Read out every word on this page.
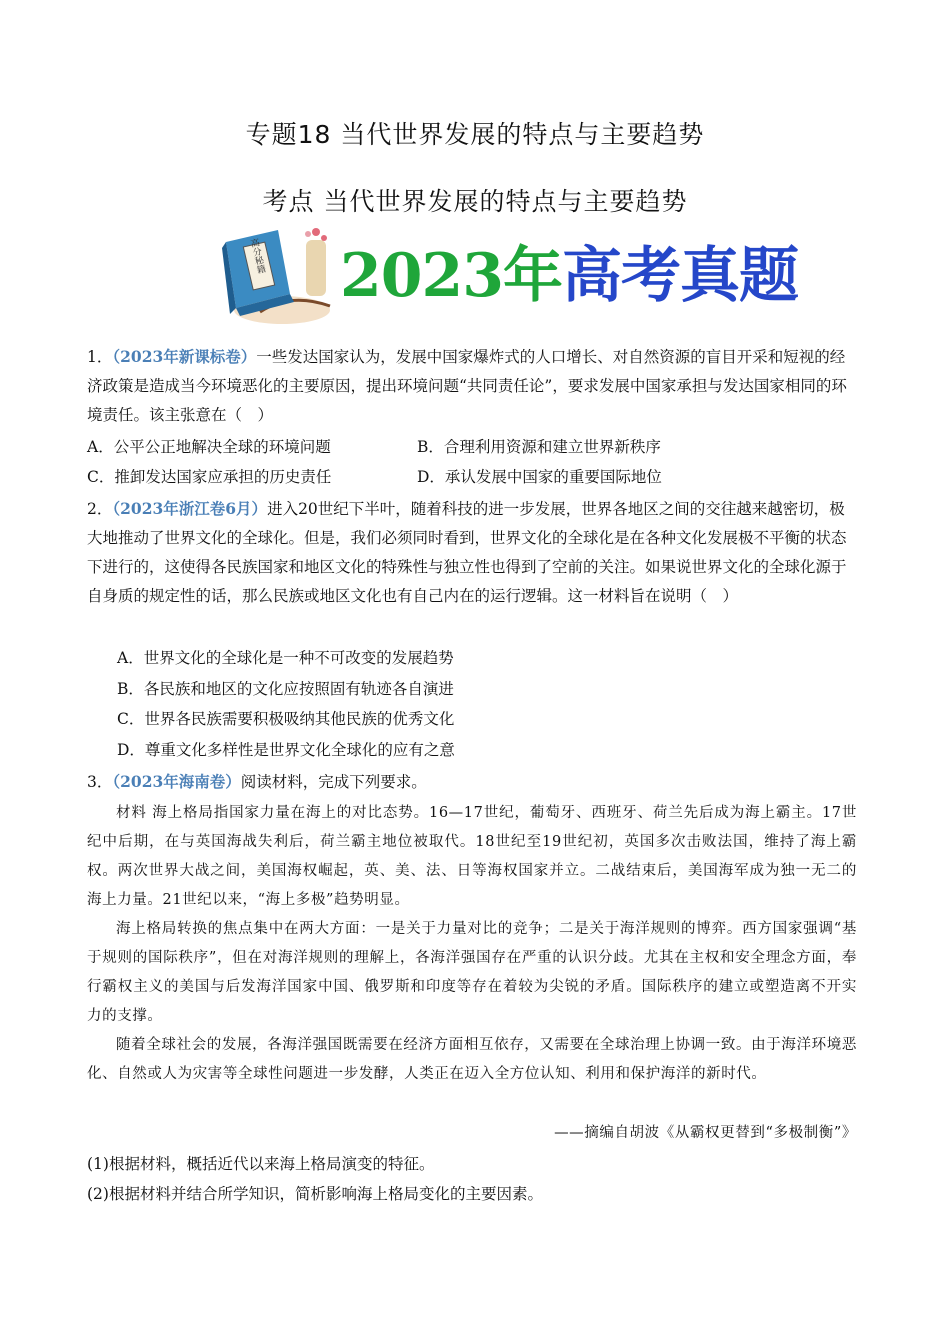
专题18 当代世界发展的特点与主要趋势
考点 当代世界发展的特点与主要趋势
高分秘籍 2023年高考真题
1．（2023年新课标卷）一些发达国家认为，发展中国家爆炸式的人口增长、对自然资源的盲目开采和短视的经济政策是造成当今环境恶化的主要原因，提出环境问题“共同责任论”，要求发展中国家承担与发达国家相同的环境责任。该主张意在（　）
A．公平公正地解决全球的环境问题	B．合理利用资源和建立世界新秩序
C．推卸发达国家应承担的历史责任	D．承认发展中国家的重要国际地位
2．（2023年浙江卷6月）进入20世纪下半叶，随着科技的进一步发展，世界各地区之间的交往越来越密切，极大地推动了世界文化的全球化。但是，我们必须同时看到，世界文化的全球化是在各种文化发展极不平衡的状态下进行的，这使得各民族国家和地区文化的特殊性与独立性也得到了空前的关注。如果说世界文化的全球化源于自身质的规定性的话，那么民族或地区文化也有自己内在的运行逻辑。这一材料旨在说明（　）
A．世界文化的全球化是一种不可改变的发展趋势
B．各民族和地区的文化应按照固有轨迹各自演进
C．世界各民族需要积极吸纳其他民族的优秀文化
D．尊重文化多样性是世界文化全球化的应有之意
3．（2023年海南卷）阅读材料，完成下列要求。

材料 海上格局指国家力量在海上的对比态势。16—17世纪，葡萄牙、西班牙、荷兰先后成为海上霸主。17世纪中后期，在与英国海战失利后，荷兰霸主地位被取代。18世纪至19世纪初，英国多次击败法国，维持了海上霸权。两次世界大战之间，美国海权崛起，英、美、法、日等海权国家并立。二战结束后，美国海军成为独一无二的海上力量。21世纪以来，“海上多极”趋势明显。

海上格局转换的焦点集中在两大方面：一是关于力量对比的竞争；二是关于海洋规则的博弈。西方国家强调“基于规则的国际秩序”，但在对海洋规则的理解上，各海洋强国存在严重的认识分歧。尤其在主权和安全理念方面，奉行霸权主义的美国与后发海洋国家中国、俄罗斯和印度等存在着较为尖锐的矛盾。国际秩序的建立或塑造离不开实力的支撑。

随着全球社会的发展，各海洋强国既需要在经济方面相互依存，又需要在全球治理上协调一致。由于海洋环境恶化、自然或人为灾害等全球性问题进一步发酵，人类正在迈入全方位认知、利用和保护海洋的新时代。

——摘编自胡波《从霸权更替到“多极制衡”》
(1)根据材料，概括近代以来海上格局演变的特征。
(2)根据材料并结合所学知识，简析影响海上格局变化的主要因素。
